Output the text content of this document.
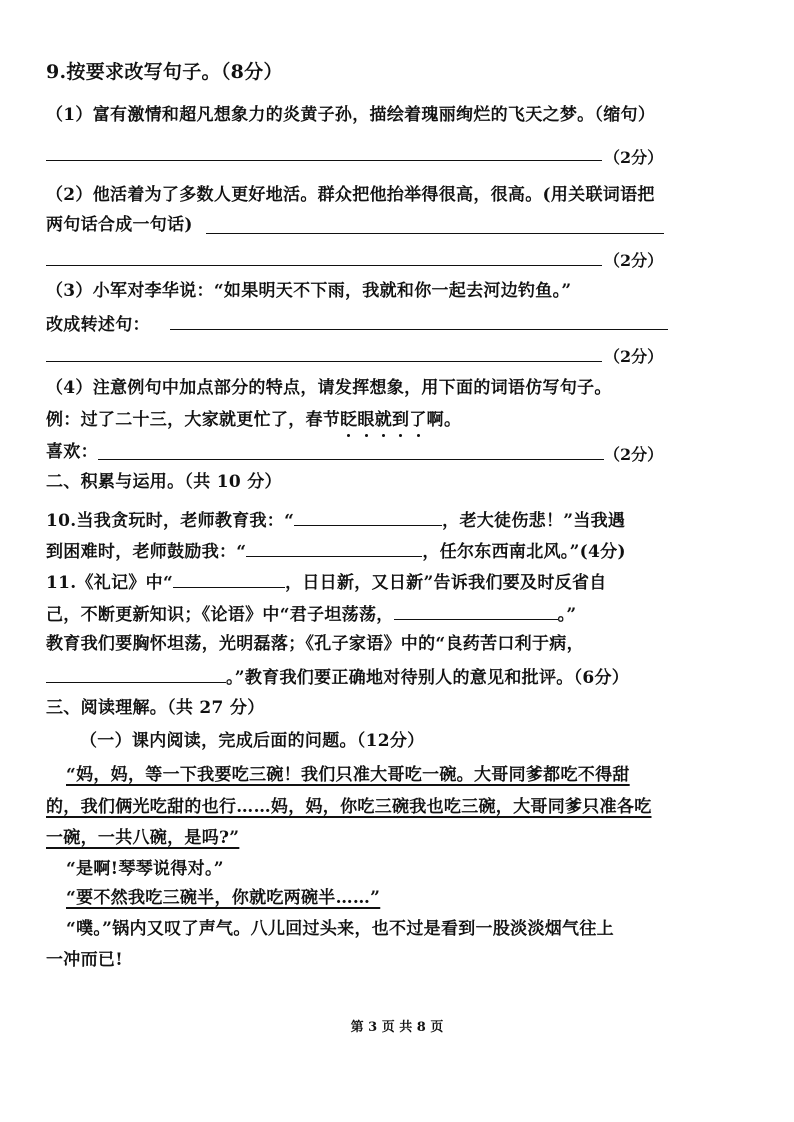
9.按要求改写句子。（8分）
（1）富有激情和超凡想象力的炎黄子孙，描绘着瑰丽绚烂的飞天之梦。（缩句）
（2分）
（2）他活着为了多数人更好地活。群众把他抬举得很高，很高。(用关联词语把
两句话合成一句话)
（2分）
（3）小军对李华说：“如果明天不下雨，我就和你一起去河边钓鱼。”
改成转述句：
（2分）
（4）注意例句中加点部分的特点，请发挥想象，用下面的词语仿写句子。
例：过了二十三，大家就更忙了，春节眨眼就到了啊。
喜欢：	（2分）
二、积累与运用。（共 10 分）
10.当我贪玩时，老师教育我：“	，老大徒伤悲！”当我遇
到困难时，老师鼓励我：“	，任尔东西南北风。”(4分)
11.《礼记》中“	，日日新，又日新”告诉我们要及时反省自
己，不断更新知识；《论语》中“君子坦荡荡，	。”
教育我们要胸怀坦荡，光明磊落；《孔子家语》中的“良药苦口利于病，
。”教育我们要正确地对待别人的意见和批评。（6分）
三、阅读理解。（共 27 分）
（一）课内阅读，完成后面的问题。（12分）
“妈，妈，等一下我要吃三碗！我们只准大哥吃一碗。大哥同爹都吃不得甜
的，我们俩光吃甜的也行……妈，妈，你吃三碗我也吃三碗，大哥同爹只准各吃
一碗，一共八碗，是吗?”
“是啊!琴琴说得对。”
“要不然我吃三碗半，你就吃两碗半……”
“噗。”锅内又叹了声气。八儿回过头来，也不过是看到一股淡淡烟气往上
一冲而已!
第 3 页 共 8 页
